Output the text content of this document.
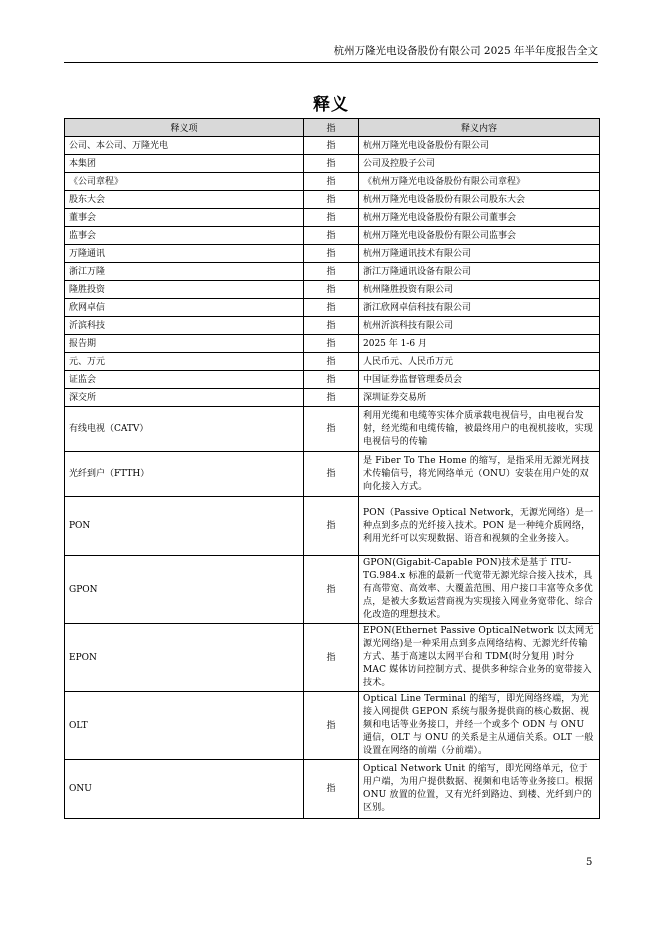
杭州万隆光电设备股份有限公司 2025 年半年度报告全文
释义
释义项	指	释义内容
公司、本公司、万隆光电	指	杭州万隆光电设备股份有限公司
本集团	指	公司及控股子公司
《公司章程》	指	《杭州万隆光电设备股份有限公司章程》
股东大会	指	杭州万隆光电设备股份有限公司股东大会
董事会	指	杭州万隆光电设备股份有限公司董事会
监事会	指	杭州万隆光电设备股份有限公司监事会
万隆通讯	指	杭州万隆通讯技术有限公司
浙江万隆	指	浙江万隆通讯设备有限公司
隆胜投资	指	杭州隆胜投资有限公司
欣网卓信	指	浙江欣网卓信科技有限公司
沂滨科技	指	杭州沂滨科技有限公司
报告期	指	2025 年 1-6 月
元、万元	指	人民币元、人民币万元
证监会	指	中国证券监督管理委员会
深交所	指	深圳证券交易所
有线电视（CATV）	指	利用光缆和电缆等实体介质承载电视信号，由电视台发射，经光缆和电缆传输，被最终用户的电视机接收，实现电视信号的传输
光纤到户（FTTH）	指	是 Fiber To The Home 的缩写，是指采用无源光网技术传输信号，将光网络单元（ONU）安装在用户处的双向化接入方式。
PON	指	PON（Passive Optical Network，无源光网络）是一种点到多点的光纤接入技术。PON 是一种纯介质网络，利用光纤可以实现数据、语音和视频的全业务接入。
GPON	指	GPON(Gigabit-Capable PON)技术是基于 ITU-TG.984.x 标准的最新一代宽带无源光综合接入技术，具有高带宽、高效率、大覆盖范围、用户接口丰富等众多优点，是被大多数运营商视为实现接入网业务宽带化、综合化改造的理想技术。
EPON	指	EPON(Ethernet Passive OpticalNetwork 以太网无源光网络)是一种采用点到多点网络结构、无源光纤传输方式、基于高速以太网平台和 TDM(时分复用 )时分 MAC 媒体访问控制方式、提供多种综合业务的宽带接入技术。
OLT	指	Optical Line Terminal 的缩写，即光网络终端，为光接入网提供 GEPON 系统与服务提供商的核心数据、视频和电话等业务接口，并经一个或多个 ODN 与 ONU 通信，OLT 与 ONU 的关系是主从通信关系。OLT 一般设置在网络的前端（分前端）。
ONU	指	Optical Network Unit 的缩写，即光网络单元，位于用户端，为用户提供数据、视频和电话等业务接口。根据 ONU 放置的位置，又有光纤到路边、到楼、光纤到户的区别。
5
